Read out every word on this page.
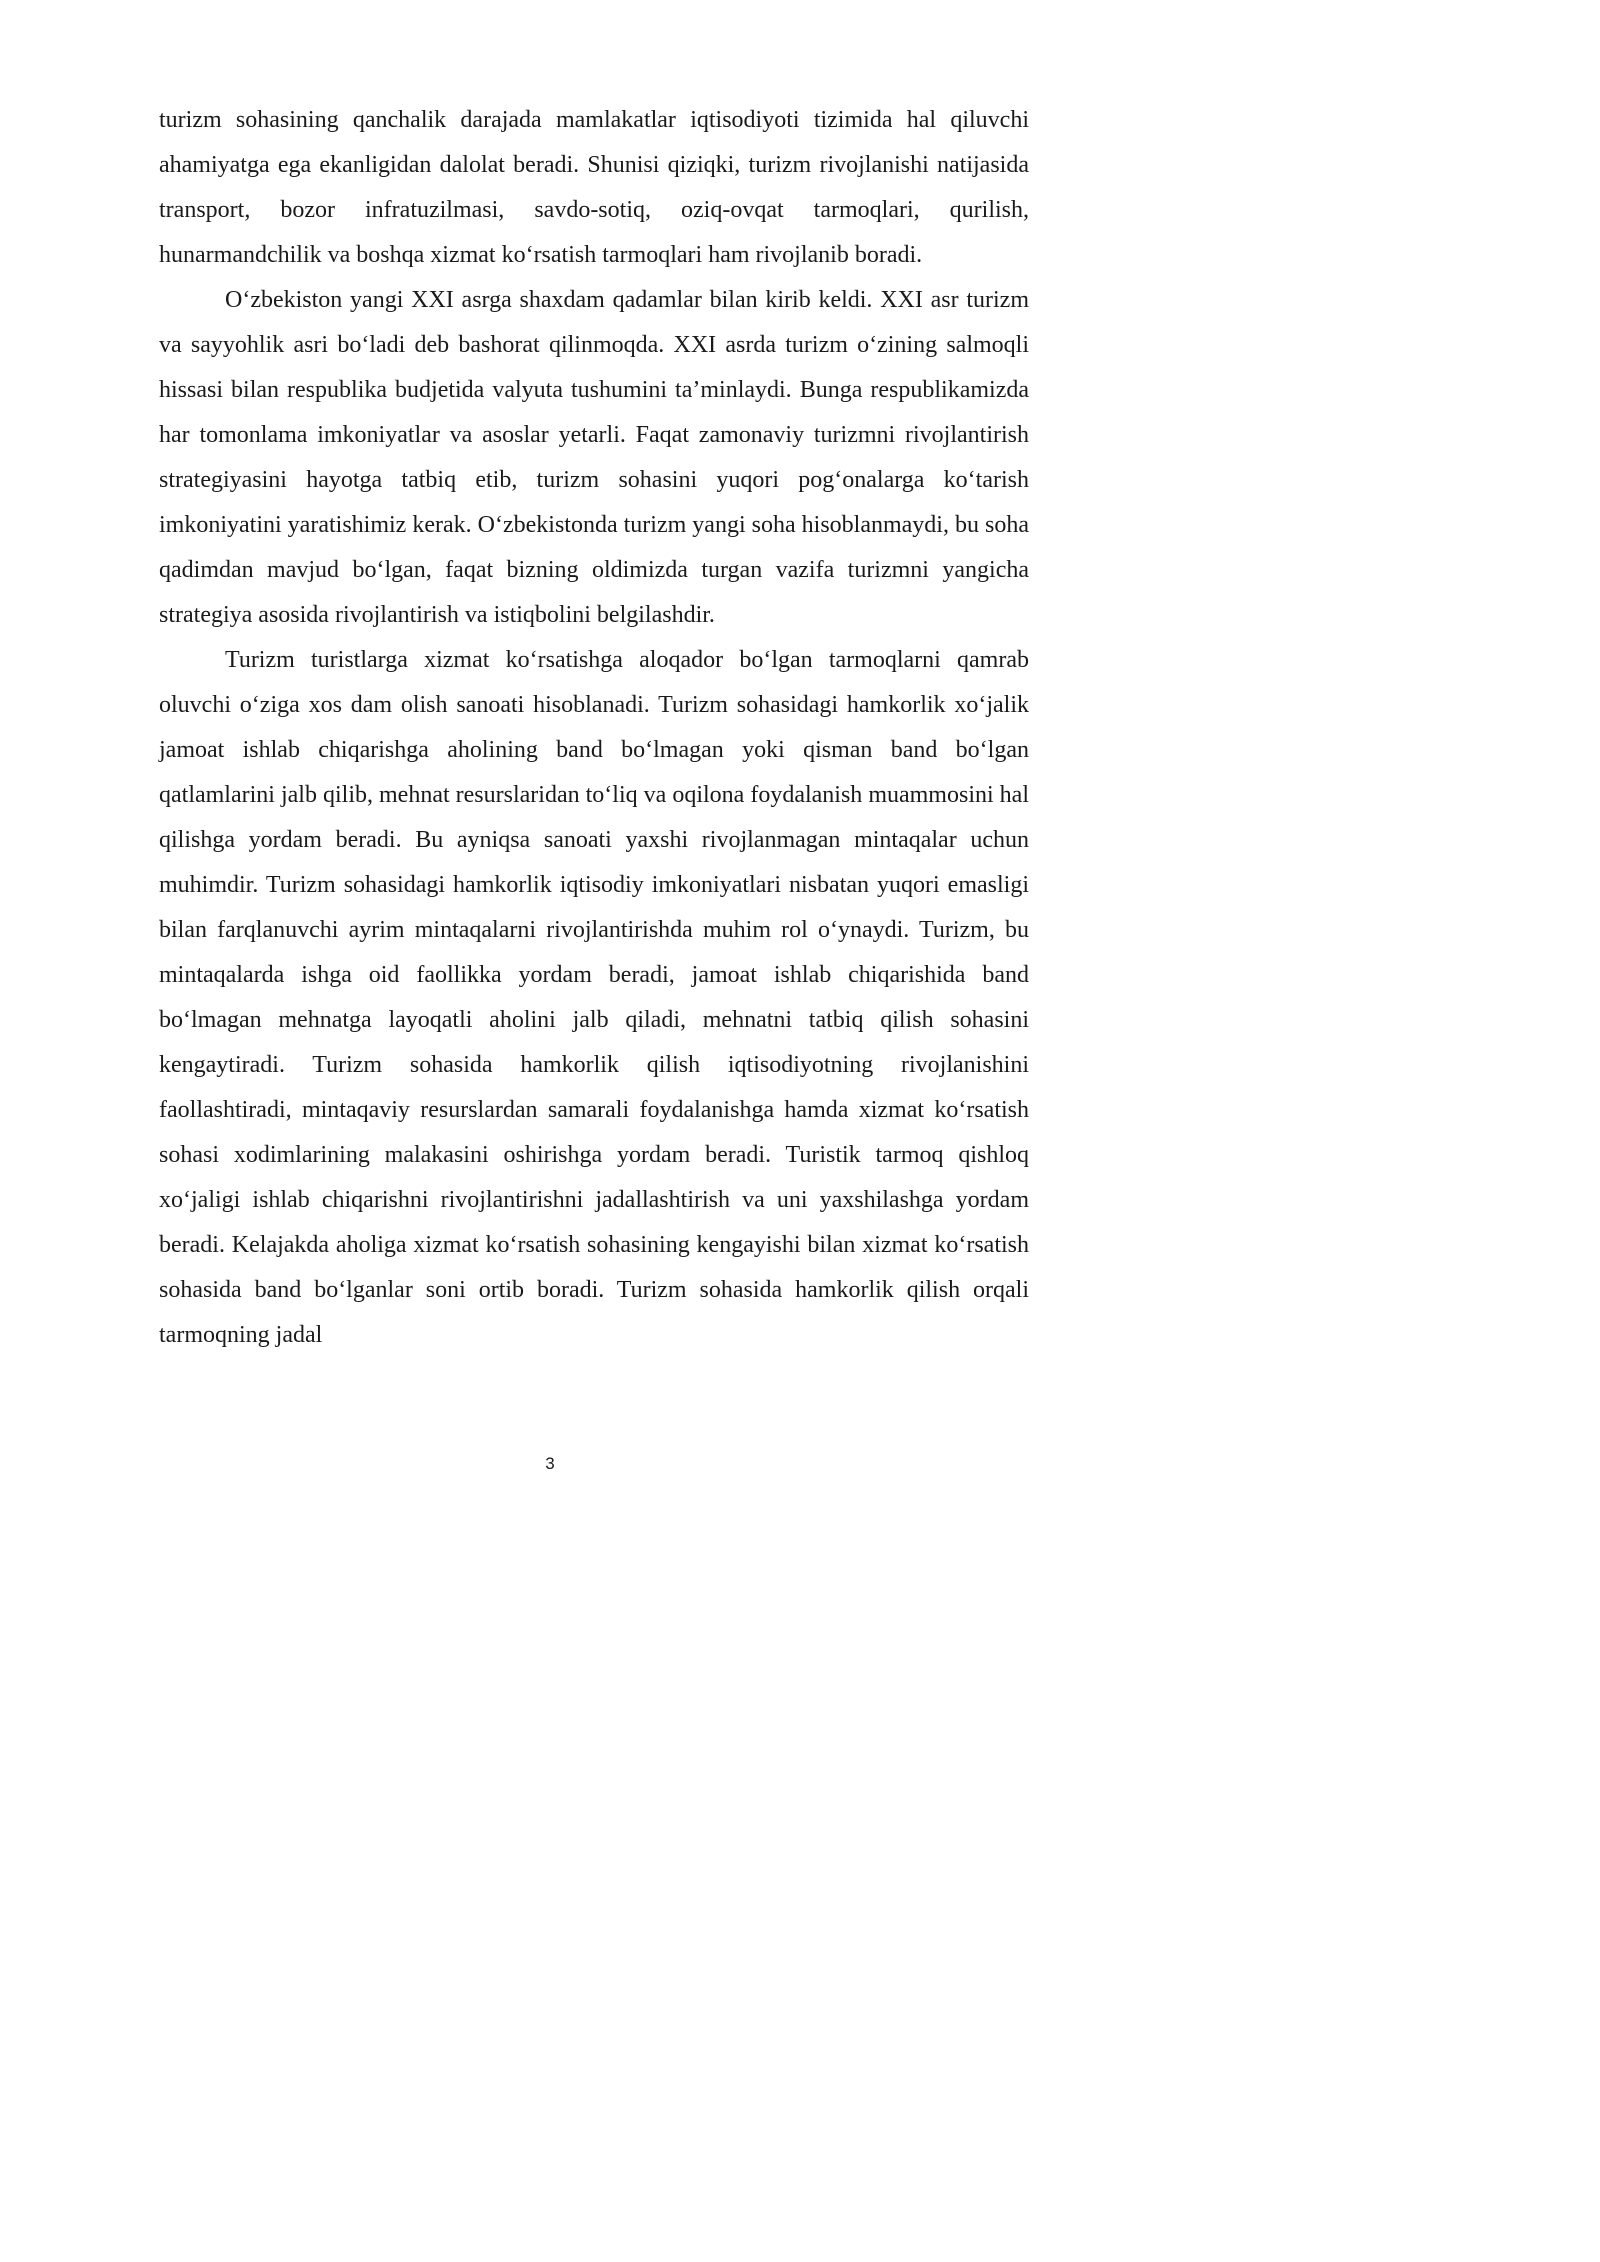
turizm sohasining qanchalik darajada mamlakatlar iqtisodiyoti tizimida hal qiluvchi ahamiyatga ega ekanligidan dalolat beradi. Shunisi qiziqki, turizm rivojlanishi natijasida transport, bozor infratuzilmasi, savdo-sotiq, oziq-ovqat tarmoqlari, qurilish, hunarmandchilik va boshqa xizmat ko‘rsatish tarmoqlari ham rivojlanib boradi.

O‘zbekiston yangi XXI asrga shaxdam qadamlar bilan kirib keldi. XXI asr turizm va sayyohlik asri bo‘ladi deb bashorat qilinmoqda. XXI asrda turizm o‘zining salmoqli hissasi bilan respublika budjetida valyuta tushumini ta’minlaydi. Bunga respublikamizda har tomonlama imkoniyatlar va asoslar yetarli. Faqat zamonaviy turizmni rivojlantirish strategiyasini hayotga tatbiq etib, turizm sohasini yuqori pog‘onalarga ko‘tarish imkoniyatini yaratishimiz kerak. O‘zbekistonda turizm yangi soha hisoblanmaydi, bu soha qadimdan mavjud bo‘lgan, faqat bizning oldimizda turgan vazifa turizmni yangicha strategiya asosida rivojlantirish va istiqbolini belgilashdir.

Turizm turistlarga xizmat ko‘rsatishga aloqador bo‘lgan tarmoqlarni qamrab oluvchi o‘ziga xos dam olish sanoati hisoblanadi. Turizm sohasidagi hamkorlik xo‘jalik jamoat ishlab chiqarishga aholining band bo‘lmagan yoki qisman band bo‘lgan qatlamlarini jalb qilib, mehnat resurslaridan to‘liq va oqilona foydalanish muammosini hal qilishga yordam beradi. Bu ayniqsa sanoati yaxshi rivojlanmagan mintaqalar uchun muhimdir. Turizm sohasidagi hamkorlik iqtisodiy imkoniyatlari nisbatan yuqori emasligi bilan farqlanuvchi ayrim mintaqalarni rivojlantirishda muhim rol o‘ynaydi. Turizm, bu mintaqalarda ishga oid faollikka yordam beradi, jamoat ishlab chiqarishida band bo‘lmagan mehnatga layoqatli aholini jalb qiladi, mehnatni tatbiq qilish sohasini kengaytiradi. Turizm sohasida hamkorlik qilish iqtisodiyotning rivojlanishini faollashtiradi, mintaqaviy resurslardan samarali foydalanishga hamda xizmat ko‘rsatish sohasi xodimlarining malakasini oshirishga yordam beradi. Turistik tarmoq qishloq xo‘jaligi ishlab chiqarishni rivojlantirishni jadallashtirish va uni yaxshilashga yordam beradi. Kelajakda aholiga xizmat ko‘rsatish sohasining kengayishi bilan xizmat ko‘rsatish sohasida band bo‘lganlar soni ortib boradi. Turizm sohasida hamkorlik qilish orqali tarmoqning jadal

3
